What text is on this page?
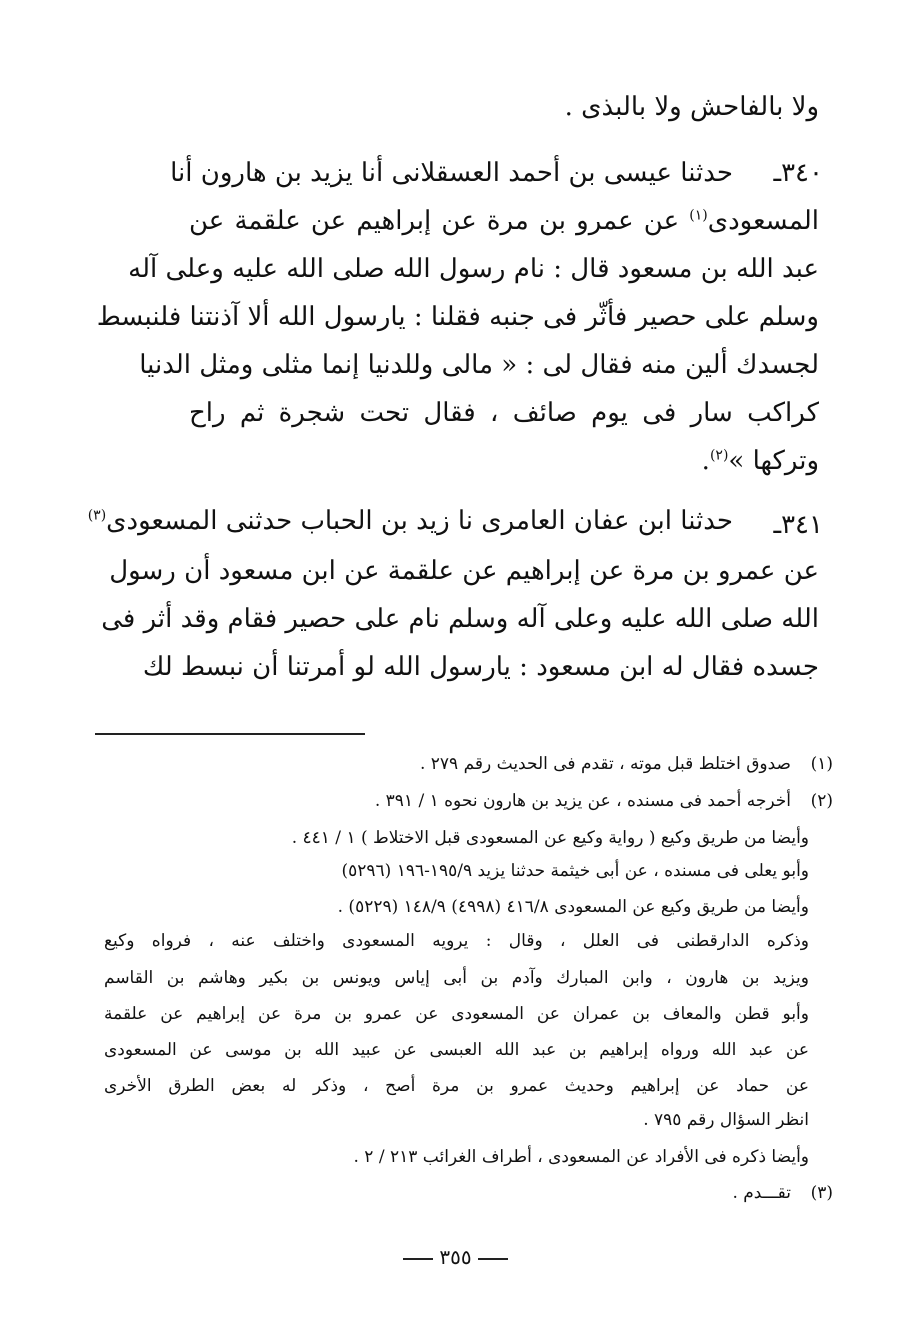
ولا بالفاحش ولا بالبذى .
٣٤٠ـ
حدثنا عيسى بن أحمد العسقلانى أنا يزيد بن هارون أنا
المسعودى$^{(١)}$ عن عمرو بن مرة عن إبراهيم عن علقمة عن
عبد الله بن مسعود قال : نام رسول الله صلى الله عليه وعلى آله
وسلم على حصير فأثّر فى جنبه فقلنا : يارسول الله ألا آذنتنا فلنبسط
لجسدك ألين منه فقال لى : « مالى وللدنيا إنما مثلى ومثل الدنيا
كراكب سار فى يوم صائف ، فقال تحت شجرة ثم راح
وتركها »$^{(٢)}$.
٣٤١ـ
حدثنا ابن عفان العامرى نا زيد بن الحباب حدثنى المسعودى$^{(٣)}$
عن عمرو بن مرة عن إبراهيم عن علقمة عن ابن مسعود أن رسول
الله صلى الله عليه وعلى آله وسلم نام على حصير فقام وقد أثر فى
جسده فقال له ابن مسعود : يارسول الله لو أمرتنا أن نبسط لك
(١)
صدوق اختلط قبل موته ، تقدم فى الحديث رقم ٢٧٩ .
(٢)
أخرجه أحمد فى مسنده ، عن يزيد بن هارون نحوه ١ / ٣٩١ .
وأيضا من طريق وكيع ( رواية وكيع عن المسعودى قبل الاختلاط ) ١ / ٤٤١ .
وأبو يعلى فى مسنده ، عن أبى خيثمة حدثنا يزيد ١٩٥/٩-١٩٦ (٥٢٩٦)
وأيضا من طريق وكيع عن المسعودى ٤١٦/٨ (٤٩٩٨) ١٤٨/٩ (٥٢٢٩) .
وذكره الدارقطنى فى العلل ، وقال : يرويه المسعودى واختلف عنه ، فرواه وكيع
ويزيد بن هارون ، وابن المبارك وآدم بن أبى إياس ويونس بن بكير وهاشم بن القاسم
وأبو قطن والمعاف بن عمران عن المسعودى عن عمرو بن مرة عن إبراهيم عن علقمة
عن عبد الله ورواه إبراهيم بن عبد الله العبسى عن عبيد الله بن موسى عن المسعودى
عن حماد عن إبراهيم وحديث عمرو بن مرة أصح ، وذكر له بعض الطرق الأخرى
انظر السؤال رقم ٧٩٥ .
وأيضا ذكره فى الأفراد عن المسعودى ، أطراف الغرائب ٢١٣ / ٢ .
(٣)
تقـــدم .
٣٥٥
